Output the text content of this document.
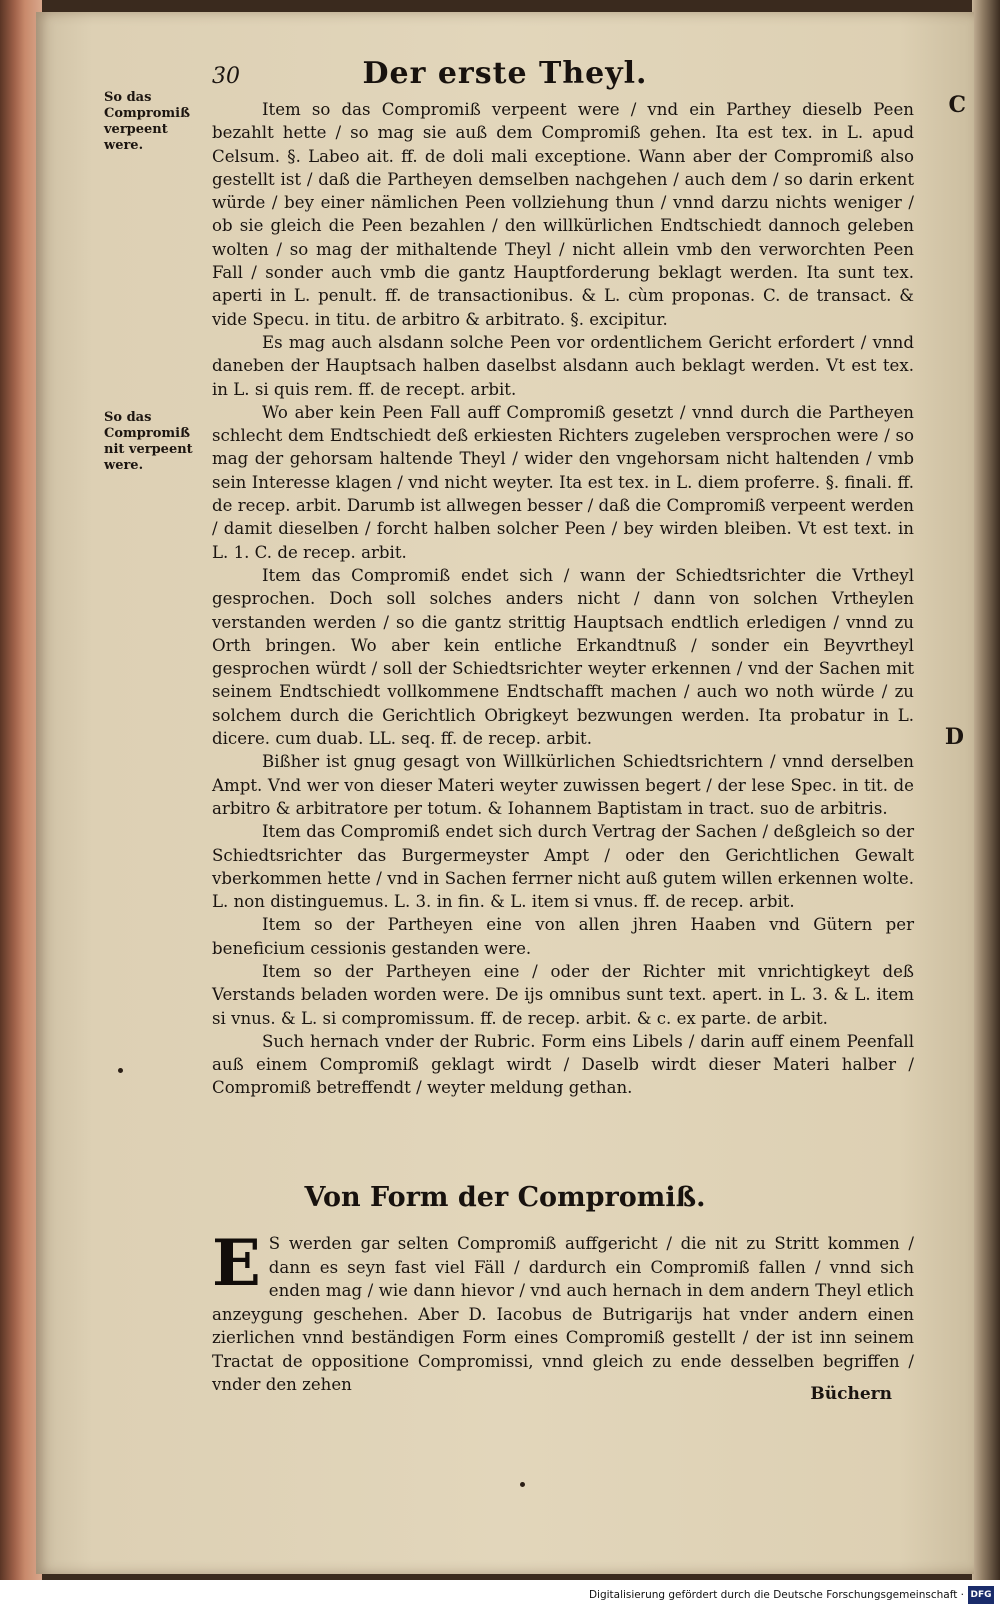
30	Der erste Theyl.
So das Compromiß verpeent were.
So das Compromiß nit verpeent were.
C
D

Item so das Compromiß verpeent were / vnd ein Parthey dieselb Peen bezahlt hette / so mag sie auß dem Compromiß gehen. Ita est tex. in L. apud Celsum. §. Labeo ait. ff. de doli mali exceptione. Wann aber der Compromiß also gestellt ist / daß die Partheyen demselben nachgehen / auch dem / so darin erkent würde / bey einer nämlichen Peen vollziehung thun / vnnd darzu nichts weniger / ob sie gleich die Peen bezahlen / den willkürlichen Endtschiedt dannoch geleben wolten / so mag der mithaltende Theyl / nicht allein vmb den verworchten Peen Fall / sonder auch vmb die gantz Hauptforderung beklagt werden. Ita sunt tex. aperti in L. penult. ff. de transactionibus. & L. cùm proponas. C. de transact. & vide Specu. in titu. de arbitro & arbitrato. §. excipitur.

Es mag auch alsdann solche Peen vor ordentlichem Gericht erfordert / vnnd daneben der Hauptsach halben daselbst alsdann auch beklagt werden. Vt est tex. in L. si quis rem. ff. de recept. arbit.

Wo aber kein Peen Fall auff Compromiß gesetzt / vnnd durch die Partheyen schlecht dem Endtschiedt deß erkiesten Richters zugeleben versprochen were / so mag der gehorsam haltende Theyl / wider den vngehorsam nicht haltenden / vmb sein Interesse klagen / vnd nicht weyter. Ita est tex. in L. diem proferre. §. finali. ff. de recep. arbit. Darumb ist allwegen besser / daß die Compromiß verpeent werden / damit dieselben / forcht halben solcher Peen / bey wirden bleiben. Vt est text. in L. 1. C. de recep. arbit.

Item das Compromiß endet sich / wann der Schiedtsrichter die Vrtheyl gesprochen. Doch soll solches anders nicht / dann von solchen Vrtheylen verstanden werden / so die gantz strittig Hauptsach endtlich erledigen / vnnd zu Orth bringen. Wo aber kein entliche Erkandtnuß / sonder ein Beyvrtheyl gesprochen würdt / soll der Schiedtsrichter weyter erkennen / vnd der Sachen mit seinem Endtschiedt vollkommene Endtschafft machen / auch wo noth würde / zu solchem durch die Gerichtlich Obrigkeyt bezwungen werden. Ita probatur in L. dicere. cum duab. LL. seq. ff. de recep. arbit.

Bißher ist gnug gesagt von Willkürlichen Schiedtsrichtern / vnnd derselben Ampt. Vnd wer von dieser Materi weyter zuwissen begert / der lese Spec. in tit. de arbitro & arbitratore per totum. & Iohannem Baptistam in tract. suo de arbitris.

Item das Compromiß endet sich durch Vertrag der Sachen / deßgleich so der Schiedtsrichter das Burgermeyster Ampt / oder den Gerichtlichen Gewalt vberkommen hette / vnd in Sachen ferrner nicht auß gutem willen erkennen wolte. L. non distinguemus. L. 3. in fin. & L. item si vnus. ff. de recep. arbit.

Item so der Partheyen eine von allen jhren Haaben vnd Gütern per beneficium cessionis gestanden were.

Item so der Partheyen eine / oder der Richter mit vnrichtigkeyt deß Verstands beladen worden were. De ijs omnibus sunt text. apert. in L. 3. & L. item si vnus. & L. si compromissum. ff. de recep. arbit. & c. ex parte. de arbit.

Such hernach vnder der Rubric. Form eins Libels / darin auff einem Peenfall auß einem Compromiß geklagt wirdt / Daselb wirdt dieser Materi halber / Compromiß betreffendt / weyter meldung gethan.

Von Form der Compromiß.
E S werden gar selten Compromiß auffgericht / die nit zu Stritt kommen / dann es seyn fast viel Fäll / dardurch ein Compromiß fallen / vnnd sich enden mag / wie dann hievor / vnd auch hernach in dem andern Theyl etlich anzeygung geschehen. Aber D. Iacobus de Butrigarijs hat vnder andern einen zierlichen vnnd beständigen Form eines Compromiß gestellt / der ist inn seinem Tractat de oppositione Compromissi, vnnd gleich zu ende desselben begriffen / vnder den zehen	Büchern
Digitalisierung gefördert durch die Deutsche Forschungsgemeinschaft · DFG
